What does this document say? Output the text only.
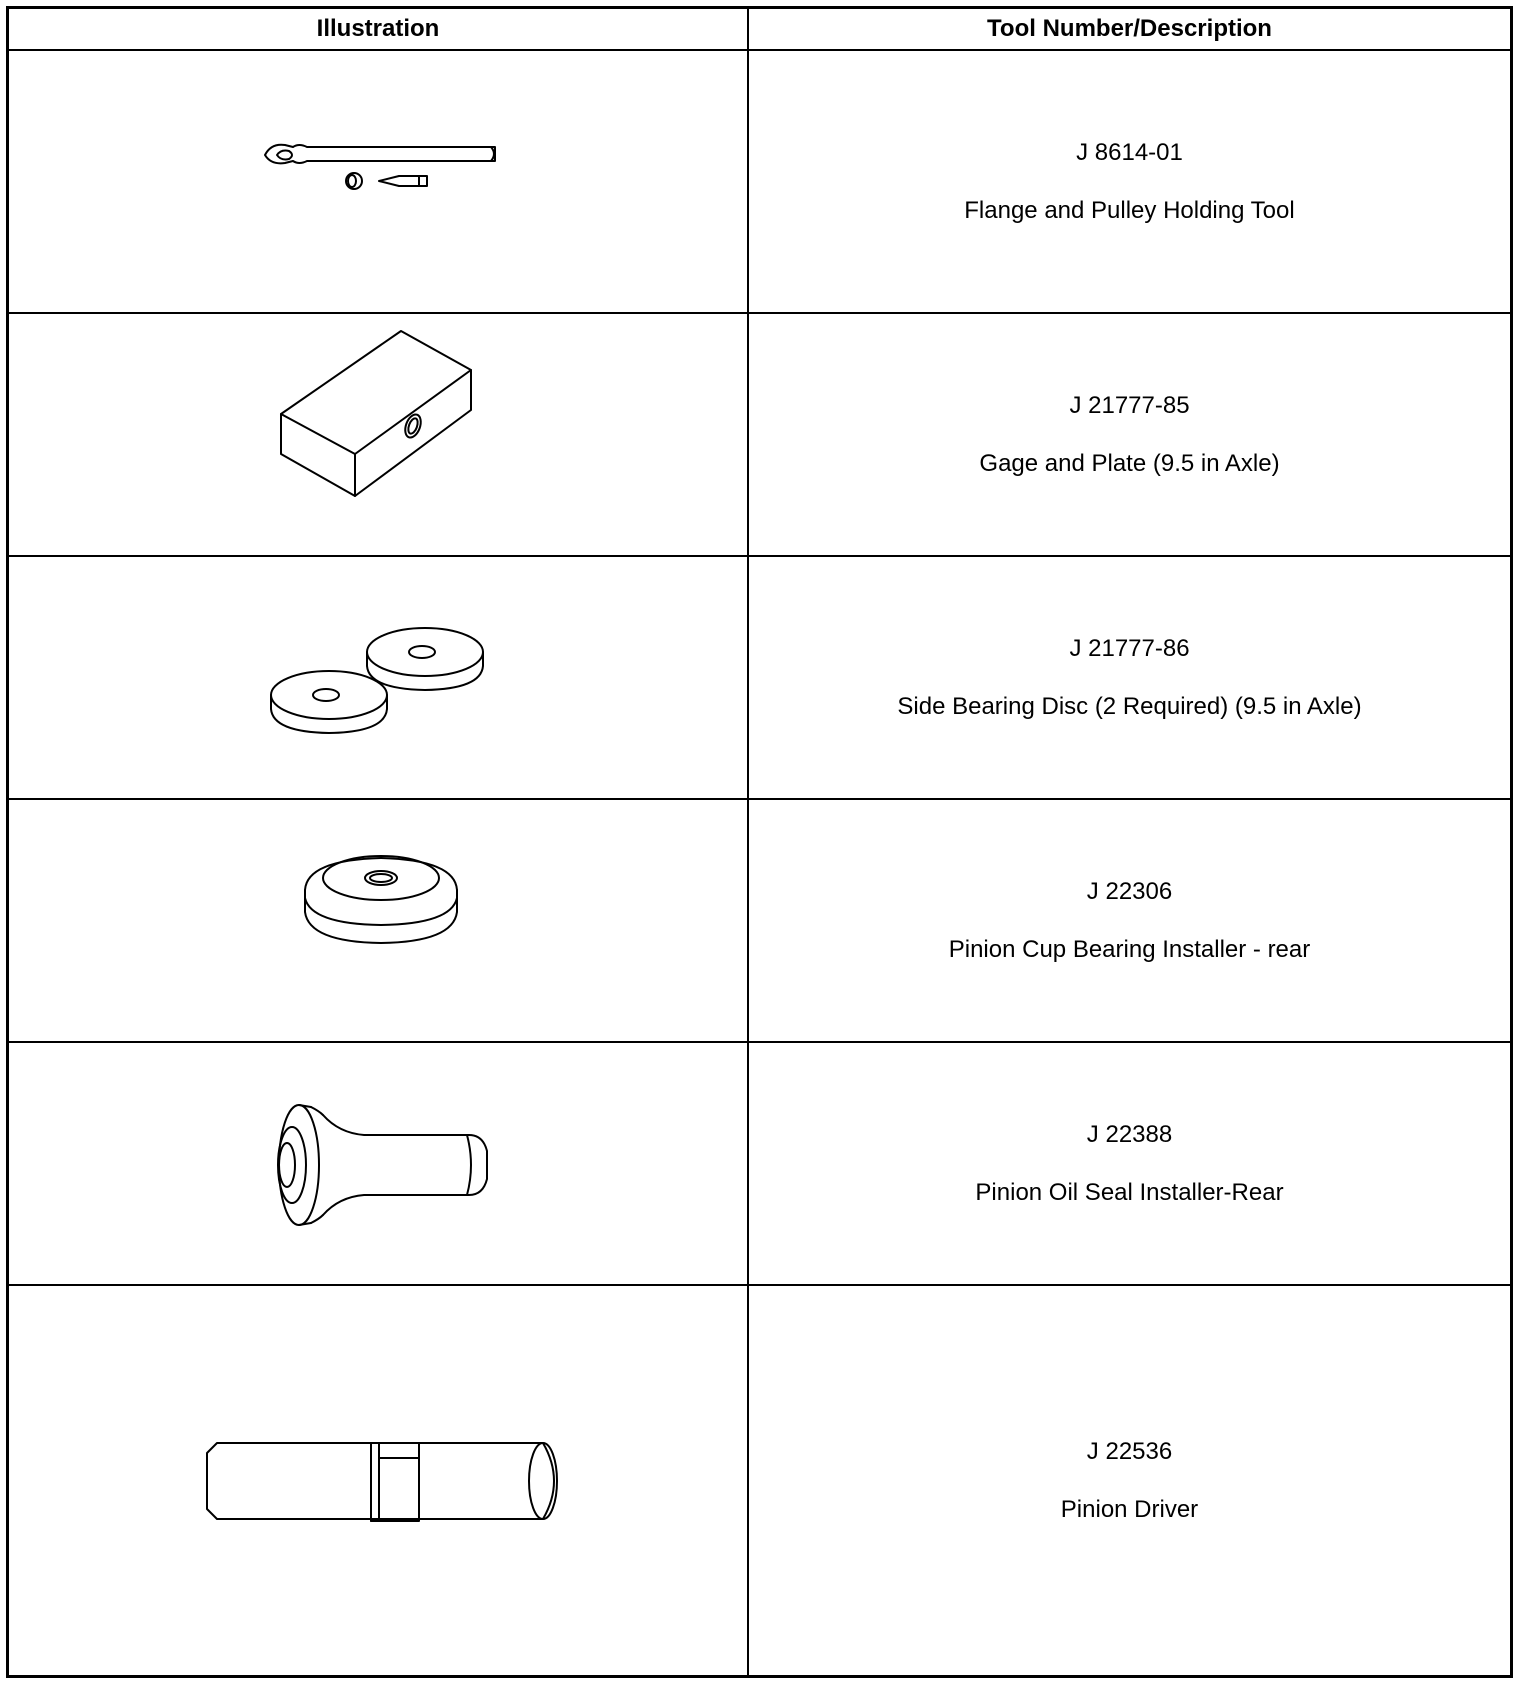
Illustration	Tool Number/Description
J 8614-01
Flange and Pulley Holding Tool
J 21777-85
Gage and Plate (9.5 in Axle)
J 21777-86
Side Bearing Disc (2 Required) (9.5 in Axle)
J 22306
Pinion Cup Bearing Installer - rear
J 22388
Pinion Oil Seal Installer-Rear
J 22536
Pinion Driver
